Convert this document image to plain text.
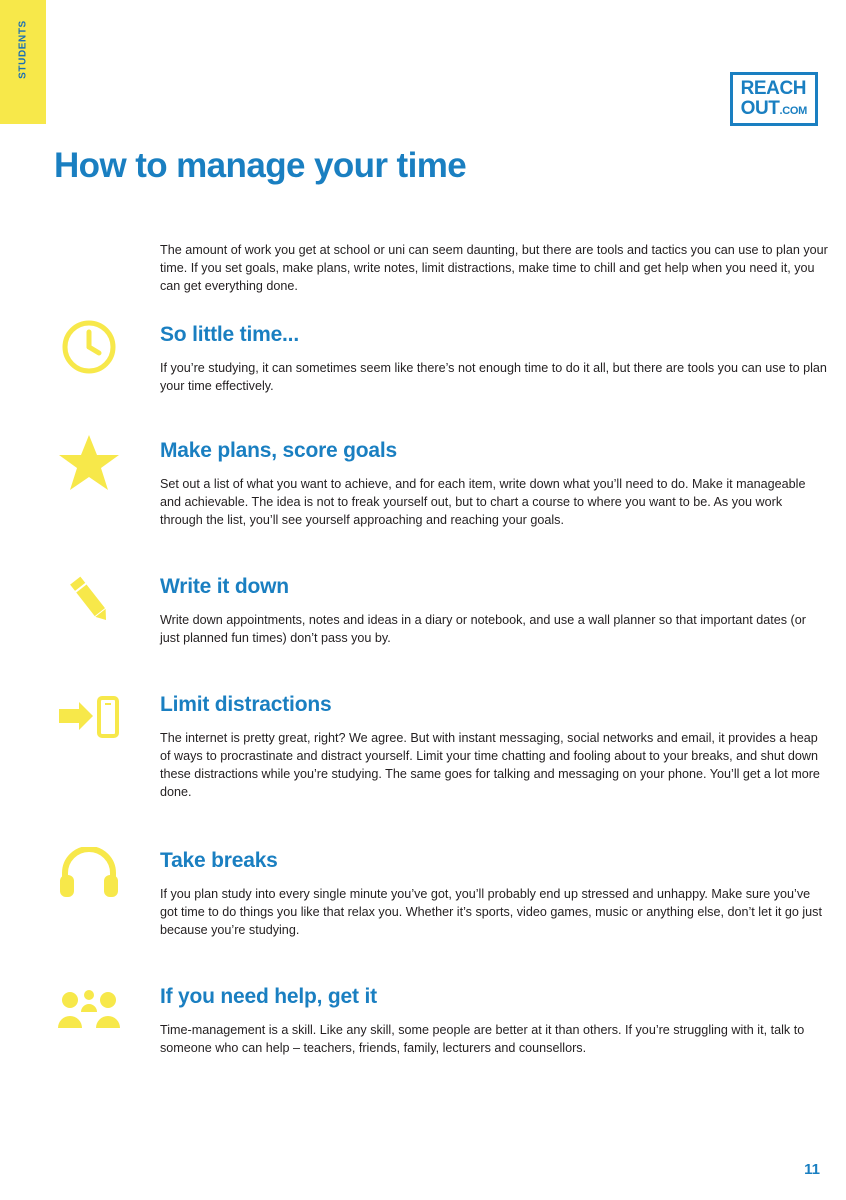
STUDENTS
REACH
OUT.COM
How to manage your time

The amount of work you get at school or uni can seem daunting, but there are tools and tactics you can use to plan your time. If you set goals, make plans, write notes, limit distractions, make time to chill and get help when you need it, you can get everything done.

So little time...

If you’re studying, it can sometimes seem like there’s not enough time to do it all, but there are tools you can use to plan your time effectively.

Make plans, score goals

Set out a list of what you want to achieve, and for each item, write down what you’ll need to do. Make it manageable and achievable. The idea is not to freak yourself out, but to chart a course to where you want to be. As you work through the list, you’ll see yourself approaching and reaching your goals.

Write it down

Write down appointments, notes and ideas in a diary or notebook, and use a wall planner so that important dates (or just planned fun times) don’t pass you by.

Limit distractions

The internet is pretty great, right? We agree. But with instant messaging, social networks and email, it provides a heap of ways to procrastinate and distract yourself. Limit your time chatting and fooling about to your breaks, and shut down these distractions while you’re studying. The same goes for talking and messaging on your phone. You’ll get a lot more done.

Take breaks

If you plan study into every single minute you’ve got, you’ll probably end up stressed and unhappy. Make sure you’ve got time to do things you like that relax you. Whether it’s sports, video games, music or anything else, don’t let it go just because you’re studying.

If you need help, get it

Time-management is a skill. Like any skill, some people are better at it than others. If you’re struggling with it, talk to someone who can help – teachers, friends, family, lecturers and counsellors.

11
